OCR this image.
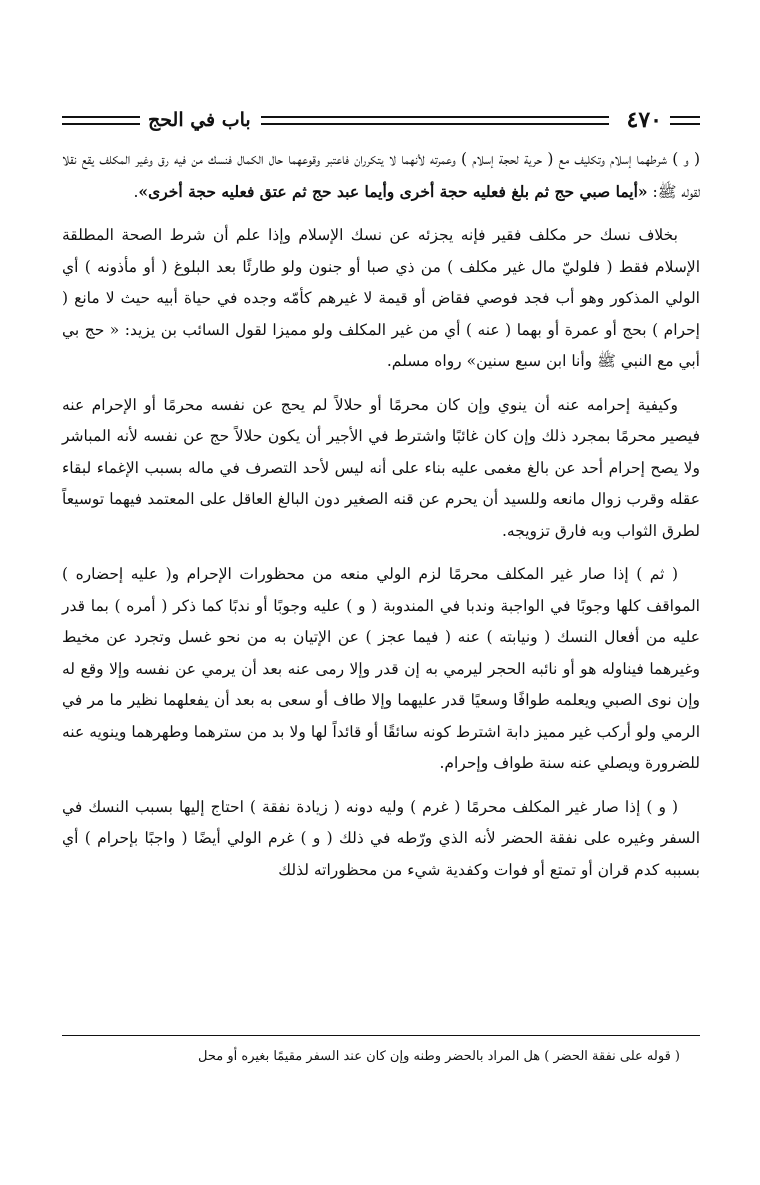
٤٧٠
باب في الحج

( و ) شرطهما إسلام وتكليف مع ( حرية لحجة إسلام ) وعمرته لأنهما لا يتكرران فاعتبر وقوعهما حال الكمال فنسك من فيه رق وغير المكلف يقع نقلا لقوله ﷺ: «أيما صبي حج ثم بلغ فعليه حجة أخرى وأيما عبد حج ثم عتق فعليه حجة أخرى».

بخلاف نسك حر مكلف فقير فإنه يجزئه عن نسك الإسلام وإذا علم أن شرط الصحة المطلقة الإسلام فقط ( فلوليّ مال غير مكلف ) من ذي صبا أو جنون ولو طارئًا بعد البلوغ ( أو مأذونه ) أي الولي المذكور وهو أب فجد فوصي فقاض أو قيمة لا غيرهم كأمّه وجده في حياة أبيه حيث لا مانع ( إحرام ) بحج أو عمرة أو بهما ( عنه ) أي من غير المكلف ولو مميزا لقول السائب بن يزيد: « حج بي أبي مع النبي ﷺ وأنا ابن سبع سنين» رواه مسلم.

وكيفية إحرامه عنه أن ينوي وإن كان محرمًا أو حلالاً لم يحج عن نفسه محرمًا أو الإحرام عنه فيصير محرمًا بمجرد ذلك وإن كان غائبًا واشترط في الأجير أن يكون حلالاً حج عن نفسه لأنه المباشر ولا يصح إحرام أحد عن بالغ مغمى عليه بناء على أنه ليس لأحد التصرف في ماله بسبب الإغماء لبقاء عقله وقرب زوال مانعه وللسيد أن يحرم عن قنه الصغير دون البالغ العاقل على المعتمد فيهما توسيعاً لطرق الثواب وبه فارق تزويجه.

( ثم ) إذا صار غير المكلف محرمًا لزم الولي منعه من محظورات الإحرام و( عليه إحضاره ) المواقف كلها وجوبًا في الواجبة وندبا في المندوبة ( و ) عليه وجوبًا أو ندبًا كما ذكر ( أمره ) بما قدر عليه من أفعال النسك ( ونيابته ) عنه ( فيما عجز ) عن الإتيان به من نحو غسل وتجرد عن مخيط وغيرهما فيناوله هو أو نائبه الحجر ليرمي به إن قدر وإلا رمى عنه بعد أن يرمي عن نفسه وإلا وقع له وإن نوى الصبي ويعلمه طوافًا وسعيًا قدر عليهما وإلا طاف أو سعى به بعد أن يفعلهما نظير ما مر في الرمي ولو أركب غير مميز دابة اشترط كونه سائقًا أو قائداً لها ولا بد من سترهما وطهرهما وينويه عنه للضرورة ويصلي عنه سنة طواف وإحرام.

( و ) إذا صار غير المكلف محرمًا ( غرم ) وليه دونه ( زيادة نفقة ) احتاج إليها بسبب النسك في السفر وغيره على نفقة الحضر لأنه الذي ورّطه في ذلك ( و ) غرم الولي أيضًا ( واجبًا بإحرام ) أي بسببه كدم قران أو تمتع أو فوات وكفدية شيء من محظوراته لذلك

( قوله على نفقة الحضر ) هل المراد بالحضر وطنه وإن كان عند السفر مقيمًا بغيره أو محل
